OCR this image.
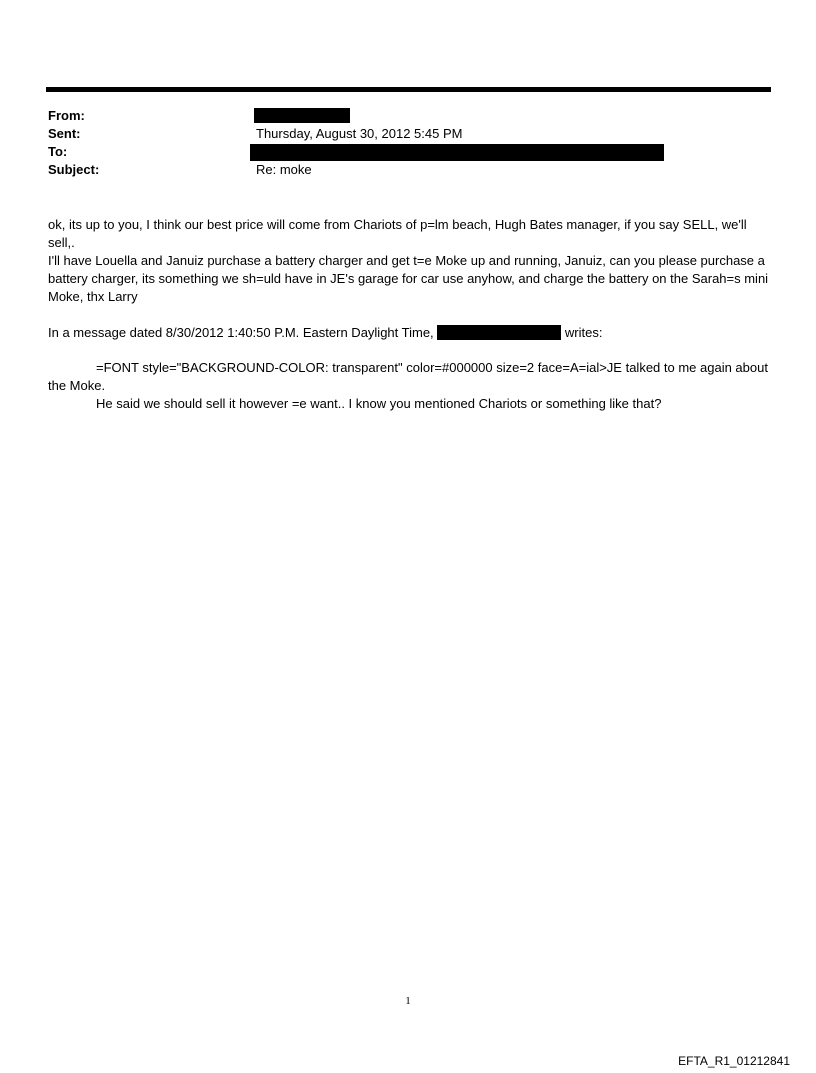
From:
Sent:	Thursday, August 30, 2012 5:45 PM
To:
Subject:	Re: moke

ok, its up to you, I think our best price will come from Chariots of p=lm beach, Hugh Bates manager, if you say SELL, we'll sell,.

I'll have Louella and Januiz purchase a battery charger and get t=e Moke up and running, Januiz, can you please purchase a battery charger, its something we sh=uld have in JE's garage for car use anyhow, and charge the battery on the Sarah=s mini Moke, thx Larry

In a message dated 8/30/2012 1:40:50 P.M. Eastern Daylight Time,	writes:

=FONT style="BACKGROUND-COLOR: transparent" color=#000000 size=2 face=A=ial>JE talked to me again about the Moke.

He said we should sell it however =e want.. I know you mentioned Chariots or something like that?

1
EFTA_R1_01212841
